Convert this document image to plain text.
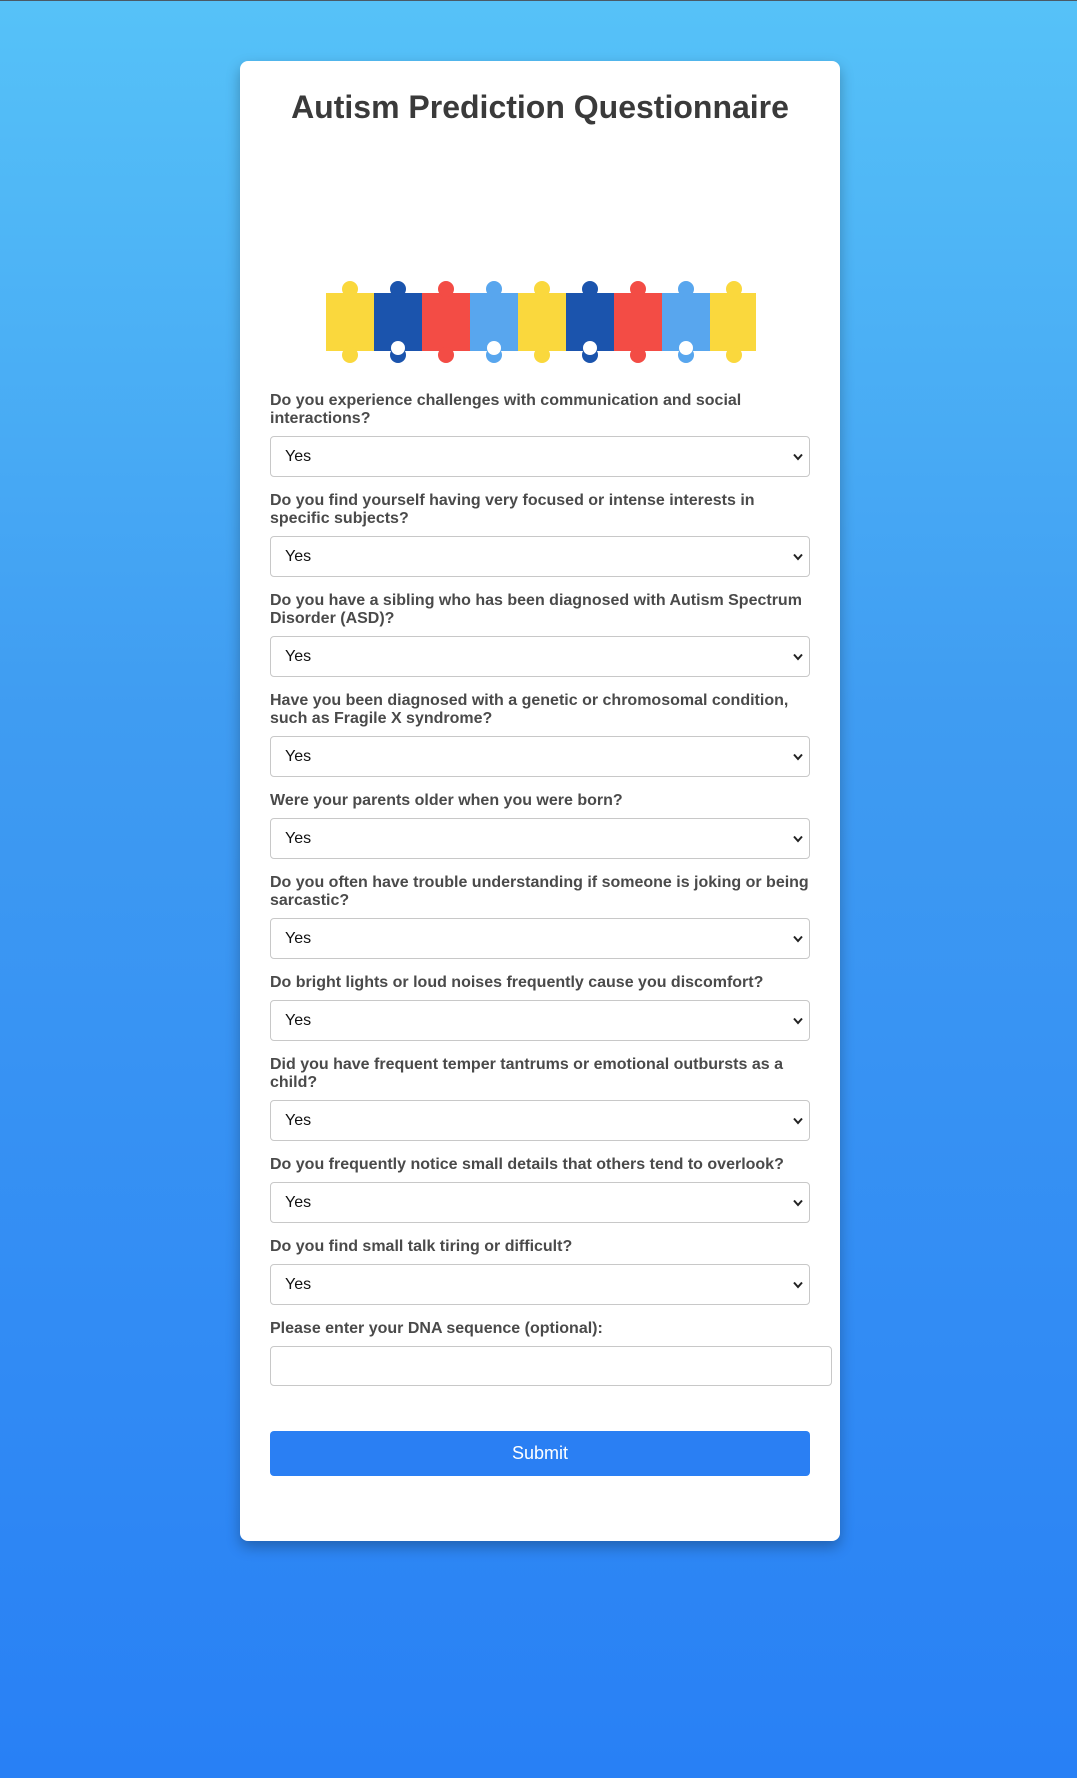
Autism Prediction Questionnaire
Do you experience challenges with communication and social interactions?
Yes
Do you find yourself having very focused or intense interests in specific subjects?
Yes
Do you have a sibling who has been diagnosed with Autism Spectrum Disorder (ASD)?
Yes
Have you been diagnosed with a genetic or chromosomal condition, such as Fragile X syndrome?
Yes
Were your parents older when you were born?
Yes
Do you often have trouble understanding if someone is joking or being sarcastic?
Yes
Do bright lights or loud noises frequently cause you discomfort?
Yes
Did you have frequent temper tantrums or emotional outbursts as a child?
Yes
Do you frequently notice small details that others tend to overlook?
Yes
Do you find small talk tiring or difficult?
Yes
Please enter your DNA sequence (optional):
Submit
